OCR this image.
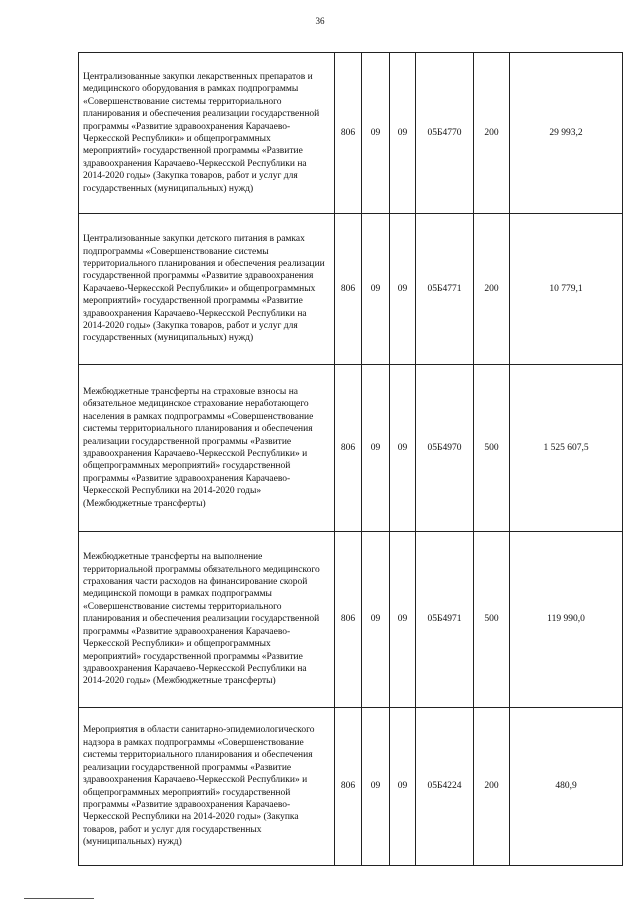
36
Централизованные закупки лекарственных препаратов и медицинского оборудования в рамках подпрограммы «Совершенствование системы территориального планирования и обеспечения реализации государственной программы «Развитие здравоохранения Карачаево-Черкесской Республики» и общепрограммных мероприятий» государственной программы «Развитие здравоохранения Карачаево-Черкесской Республики на 2014-2020 годы» (Закупка товаров, работ и услуг для государственных (муниципальных) нужд)	806	09	09	05Б4770	200	29 993,2
Централизованные закупки детского питания в рамках подпрограммы «Совершенствование системы территориального планирования и обеспечения реализации государственной программы «Развитие здравоохранения Карачаево-Черкесской Республики» и общепрограммных мероприятий» государственной программы «Развитие здравоохранения Карачаево-Черкесской Республики на 2014-2020 годы» (Закупка товаров, работ и услуг для государственных (муниципальных) нужд)	806	09	09	05Б4771	200	10 779,1
Межбюджетные трансферты на страховые взносы на обязательное медицинское страхование неработающего населения в рамках подпрограммы «Совершенствование системы территориального планирования и обеспечения реализации государственной программы «Развитие здравоохранения Карачаево-Черкесской Республики» и общепрограммных мероприятий» государственной программы «Развитие здравоохранения Карачаево-Черкесской Республики на 2014-2020 годы» (Межбюджетные трансферты)	806	09	09	05Б4970	500	1 525 607,5
Межбюджетные трансферты на выполнение территориальной программы обязательного медицинского страхования части расходов на финансирование скорой медицинской помощи в рамках подпрограммы «Совершенствование системы территориального планирования и обеспечения реализации государственной программы «Развитие здравоохранения Карачаево-Черкесской Республики» и общепрограммных мероприятий» государственной программы «Развитие здравоохранения Карачаево-Черкесской Республики на 2014-2020 годы» (Межбюджетные трансферты)	806	09	09	05Б4971	500	119 990,0
Мероприятия в области санитарно-эпидемиологического надзора в рамках подпрограммы «Совершенствование системы территориального планирования и обеспечения реализации государственной программы «Развитие здравоохранения Карачаево-Черкесской Республики» и общепрограммных мероприятий» государственной программы «Развитие здравоохранения Карачаево-Черкесской Республики на 2014-2020 годы» (Закупка товаров, работ и услуг для государственных (муниципальных) нужд)	806	09	09	05Б4224	200	480,9
